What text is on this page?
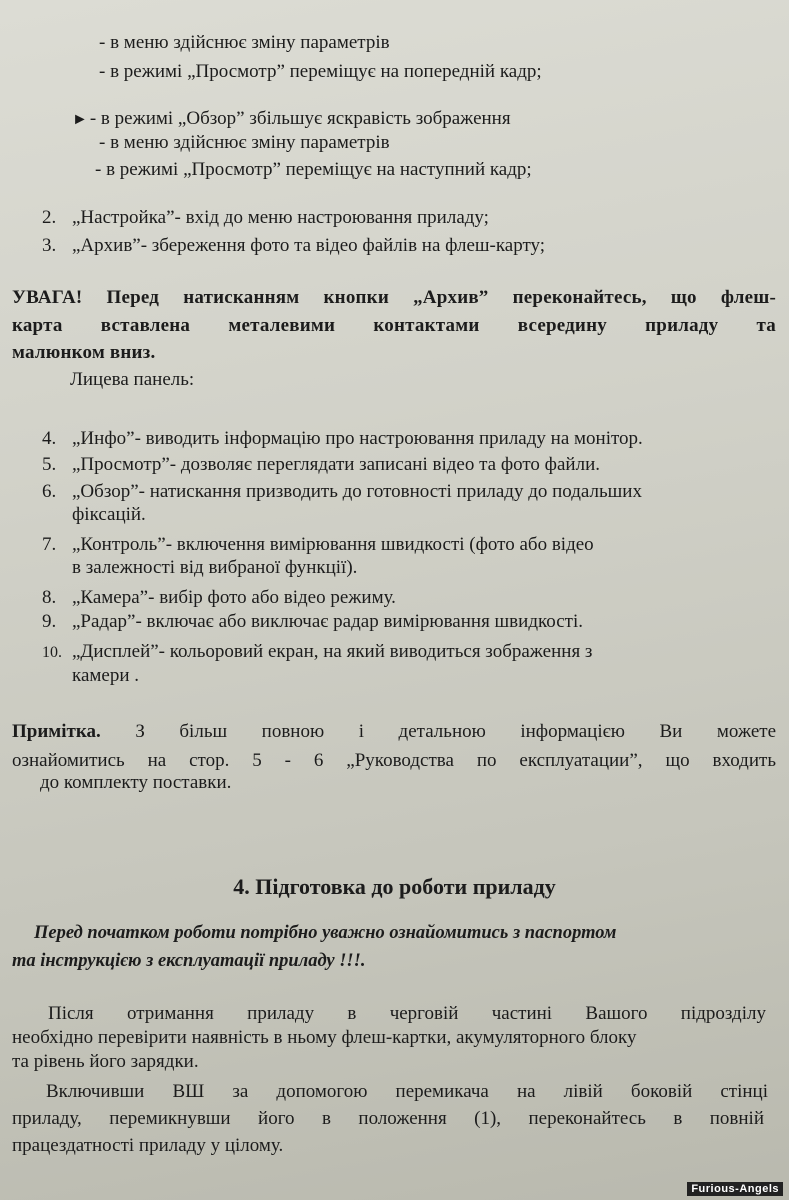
- в меню здійснює зміну параметрів
- в режимі „Просмотр” переміщує на попередній кадр;
► - в режимі „Обзор” збільшує яскравість зображення
- в меню здійснює зміну параметрів
- в режимі „Просмотр” переміщує на наступний кадр;
2. „Настройка”- вхід до меню настроювання приладу;
3. „Архив”- збереження фото та відео файлів на флеш-карту;
УВАГА! Перед натисканням кнопки „Архив” переконайтесь, що флеш-
карта вставлена металевими контактами всередину приладу та
малюнком вниз.
Лицева панель:
4. „Инфо”- виводить інформацію про настроювання приладу на монітор.
5. „Просмотр”- дозволяє переглядати записані відео та фото файли.
6. „Обзор”- натискання призводить до готовності приладу до подальших
фіксацій.
7. „Контроль”- включення вимірювання швидкості (фото або відео
в залежності від вибраної функції).
8. „Камера”- вибір фото або відео режиму.
9. „Радар”- включає або виключає радар вимірювання швидкості.
10. „Дисплей”- кольоровий екран, на який виводиться зображення з
камери .
Примітка. З більш повною і детальною інформацією Ви можете
ознайомитись на стор. 5 - 6 „Руководства по експлуатации”, що входить
до комплекту поставки.
4. Підготовка до роботи приладу
Перед початком роботи потрібно уважно ознайомитись з паспортом
та інструкцією з експлуатації приладу !!!.
Після отримання приладу в черговій частині Вашого підрозділу
необхідно перевірити наявність в ньому флеш-картки, акумуляторного блоку
та рівень його зарядки.
Включивши ВШ за допомогою перемикача на лівій боковій стінці
приладу, перемикнувши його в положення (1), переконайтесь в повній
працездатності приладу у цілому.
Furious-Angels
